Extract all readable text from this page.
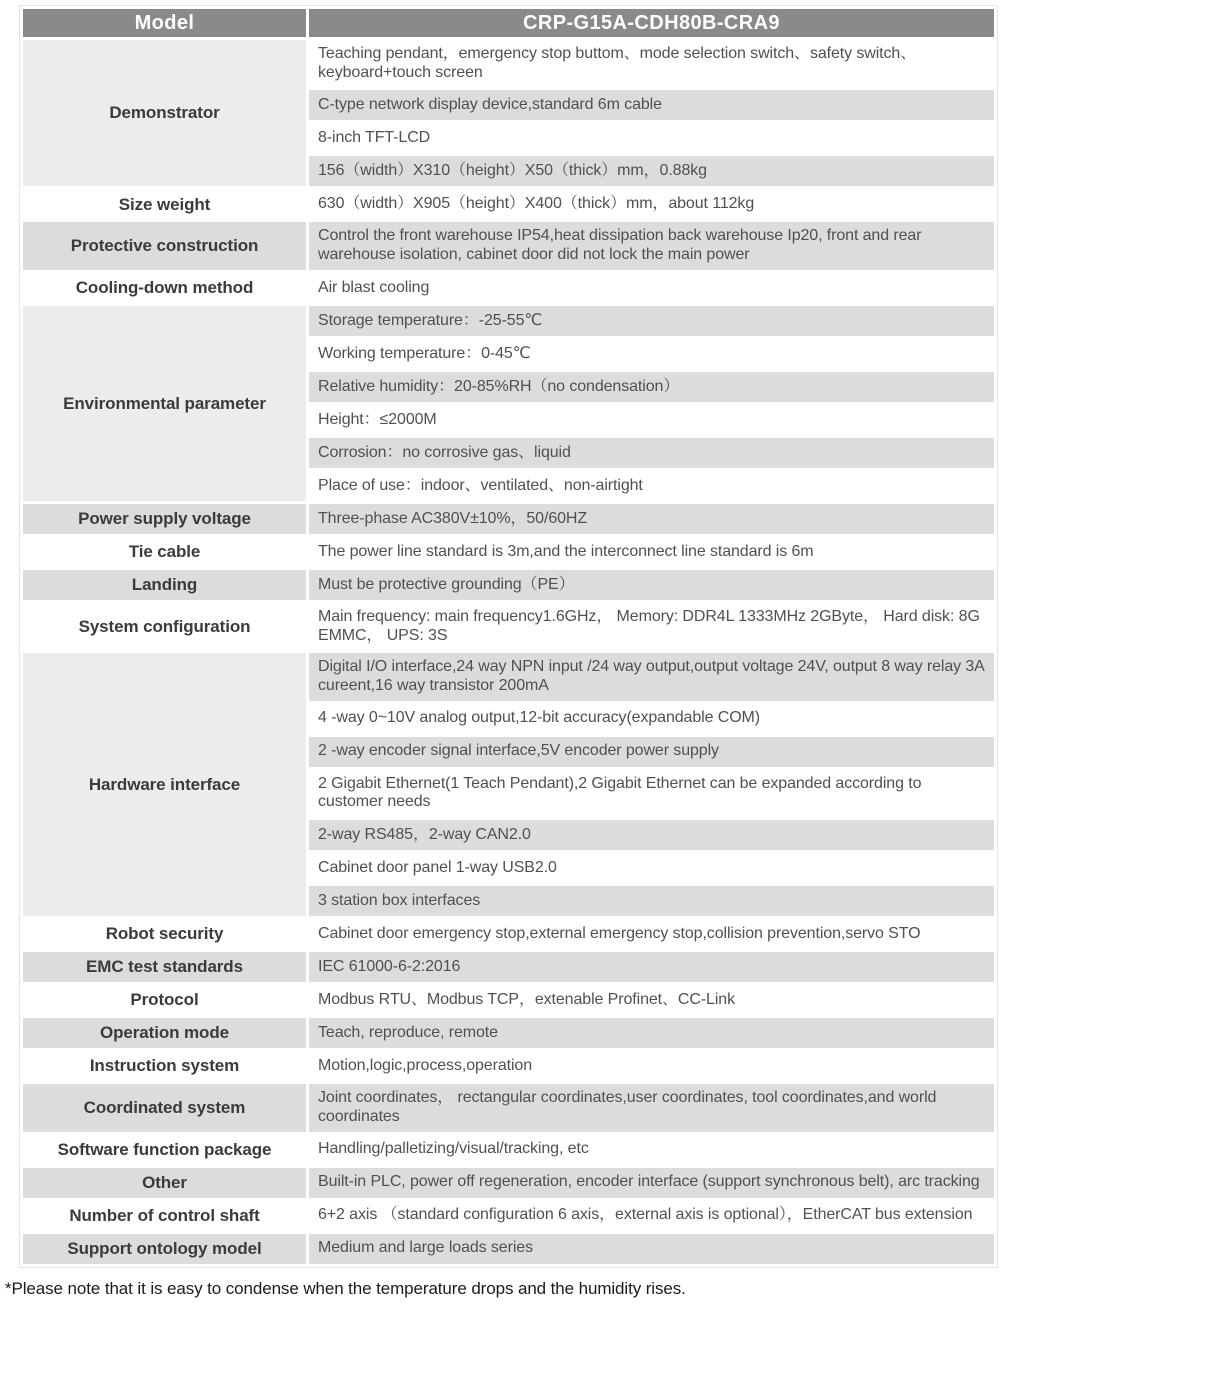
Model	CRP-G15A-CDH80B-CRA9
Demonstrator	Teaching pendant，emergency stop buttom、mode selection switch、safety switch、keyboard+touch screen
	C-type network display device,standard 6m cable
	8-inch TFT-LCD
	156（width）X310（height）X50（thick）mm，0.88kg
Size weight	630（width）X905（height）X400（thick）mm，about 112kg
Protective construction	Control the front warehouse IP54,heat dissipation back warehouse Ip20, front and rear warehouse isolation, cabinet door did not lock the main power
Cooling-down method	Air blast cooling
Environmental parameter	Storage temperature：-25-55℃
	Working temperature：0-45℃
	Relative humidity：20-85%RH（no condensation）
	Height：≤2000M
	Corrosion：no corrosive gas、liquid
	Place of use：indoor、ventilated、non-airtight
Power supply voltage	Three-phase AC380V±10%，50/60HZ
Tie cable	The power line standard is 3m,and the interconnect line standard is 6m
Landing	Must be protective grounding（PE）
System configuration	Main frequency: main frequency1.6GHz， Memory: DDR4L 1333MHz 2GByte， Hard disk: 8G EMMC， UPS: 3S
Hardware interface	Digital I/O interface,24 way NPN input /24 way output,output voltage 24V, output 8 way relay 3A cureent,16 way transistor 200mA
	4 -way 0~10V analog output,12-bit accuracy(expandable COM)
	2 -way encoder signal interface,5V encoder power supply
	2 Gigabit Ethernet(1 Teach Pendant),2 Gigabit Ethernet can be expanded according to customer needs
	2-way RS485，2-way CAN2.0
	Cabinet door panel 1-way USB2.0
	3 station box interfaces
Robot security	Cabinet door emergency stop,external emergency stop,collision prevention,servo STO
EMC test standards	IEC 61000-6-2:2016
Protocol	Modbus RTU、Modbus TCP，extenable Profinet、CC-Link
Operation mode	Teach, reproduce, remote
Instruction system	Motion,logic,process,operation
Coordinated system	Joint coordinates， rectangular coordinates,user coordinates, tool coordinates,and world coordinates
Software function package	Handling/palletizing/visual/tracking, etc
Other	Built-in PLC, power off regeneration, encoder interface (support synchronous belt), arc tracking
Number of control shaft	6+2 axis （standard configuration 6 axis，external axis is optional），EtherCAT bus extension
Support ontology model	Medium and large loads series
*Please note that it is easy to condense when the temperature drops and the humidity rises.
